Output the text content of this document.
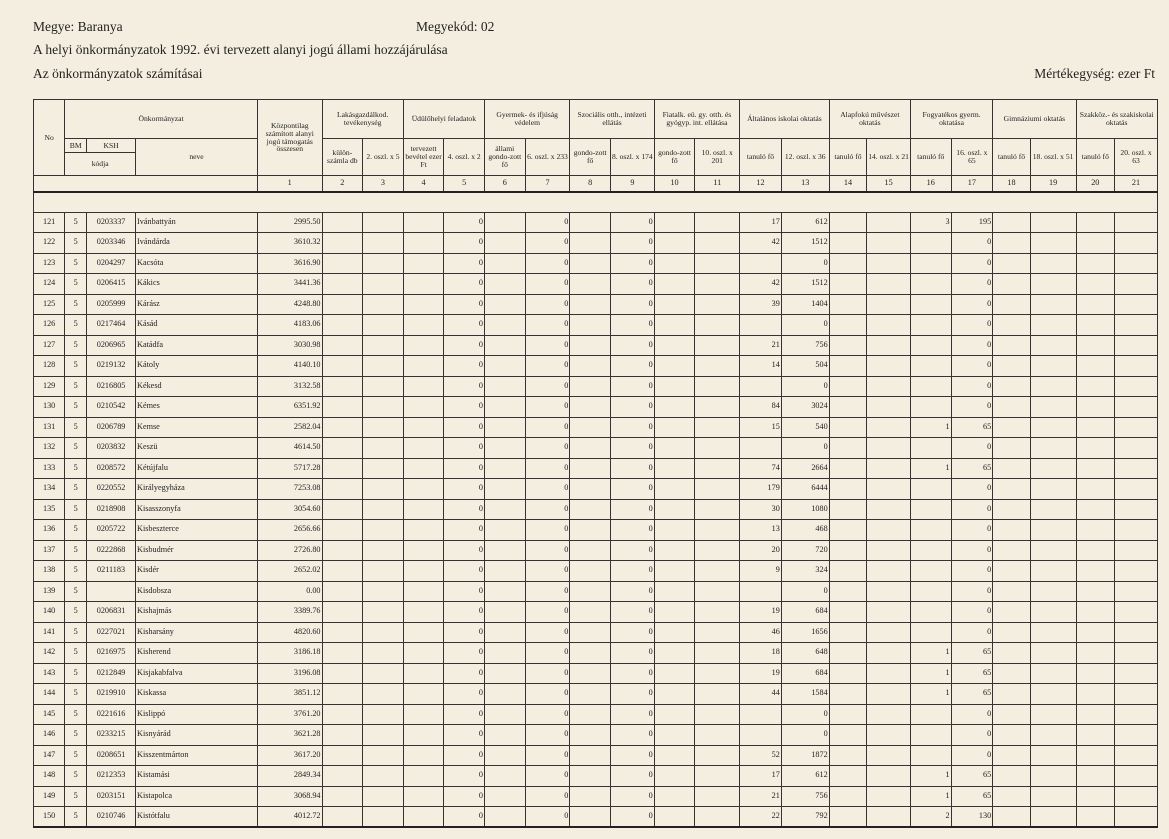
Megye: Baranya	Megyekód: 02
A helyi önkormányzatok 1992. évi tervezett alanyi jogú állami hozzájárulása
Az önkormányzatok számításai	Mértékegység: ezer Ft
No	Önkormányzat			Központilag számított alanyi jogú támogatás összesen	Lakásgazdálkod. tevékenység		Üdülőhelyi feladatok		Gyermek- és ifjúság védelem		Szociális otth., intézeti ellátás		Fiatalk. eü. gy. otth. és gyógyp. int. ellátása		Általános iskolai oktatás		Alapfokú művészet oktatás		Fogyatékos gyerm. oktatása		Gimnáziumi oktatás		Szakköz.- és szakiskolai oktatás	
	BM	KSH	neve		külön-számla db	2. oszl. x 5	tervezett bevétel ezer Ft	4. oszl. x 2	állami gondo-zott fő	6. oszl. x 233	gondo-zott fő	8. oszl. x 174	gondo-zott fő	10. oszl. x 201	tanuló fő	12. oszl. x 36	tanuló fő	14. oszl. x 21	tanuló fő	16. oszl. x 65	tanuló fő	18. oszl. x 51	tanuló fő	20. oszl. x 63
	kódja																							
				1	2	3	4	5	6	7	8	9	10	11	12	13	14	15	16	17	18	19	20	21

121	5	0203337	Ivánbattyán	2995.50				0		0		0			17	612			3	195				
122	5	0203346	Ivándárda	3610.32				0		0		0			42	1512				0				
123	5	0204297	Kacsóta	3616.90				0		0		0				0				0				
124	5	0206415	Kákics	3441.36				0		0		0			42	1512				0				
125	5	0205999	Kárász	4248.80				0		0		0			39	1404				0				
126	5	0217464	Kásád	4183.06				0		0		0				0				0				
127	5	0206965	Katádfa	3030.98				0		0		0			21	756				0				
128	5	0219132	Kátoly	4140.10				0		0		0			14	504				0				
129	5	0216805	Kékesd	3132.58				0		0		0				0				0				
130	5	0210542	Kémes	6351.92				0		0		0			84	3024				0				
131	5	0206789	Kemse	2582.04				0		0		0			15	540			1	65				
132	5	0203832	Keszü	4614.50				0		0		0				0				0				
133	5	0208572	Kétújfalu	5717.28				0		0		0			74	2664			1	65				
134	5	0220552	Királyegyháza	7253.08				0		0		0			179	6444				0				
135	5	0218908	Kisasszonyfa	3054.60				0		0		0			30	1080				0				
136	5	0205722	Kisbeszterce	2656.66				0		0		0			13	468				0				
137	5	0222868	Kisbudmér	2726.80				0		0		0			20	720				0				
138	5	0211183	Kisdér	2652.02				0		0		0			9	324				0				
139	5		Kisdobsza	0.00				0		0		0				0				0				
140	5	0206831	Kishajmás	3389.76				0		0		0			19	684				0				
141	5	0227021	Kisharsány	4820.60				0		0		0			46	1656				0				
142	5	0216975	Kisherend	3186.18				0		0		0			18	648			1	65				
143	5	0212849	Kisjakabfalva	3196.08				0		0		0			19	684			1	65				
144	5	0219910	Kiskassa	3851.12				0		0		0			44	1584			1	65				
145	5	0221616	Kislippó	3761.20				0		0		0				0				0				
146	5	0233215	Kisnyárád	3621.28				0		0		0				0				0				
147	5	0208651	Kisszentmárton	3617.20				0		0		0			52	1872				0				
148	5	0212353	Kistamási	2849.34				0		0		0			17	612			1	65				
149	5	0203151	Kistapolca	3068.94				0		0		0			21	756			1	65				
150	5	0210746	Kistótfalu	4012.72				0		0		0			22	792			2	130				
